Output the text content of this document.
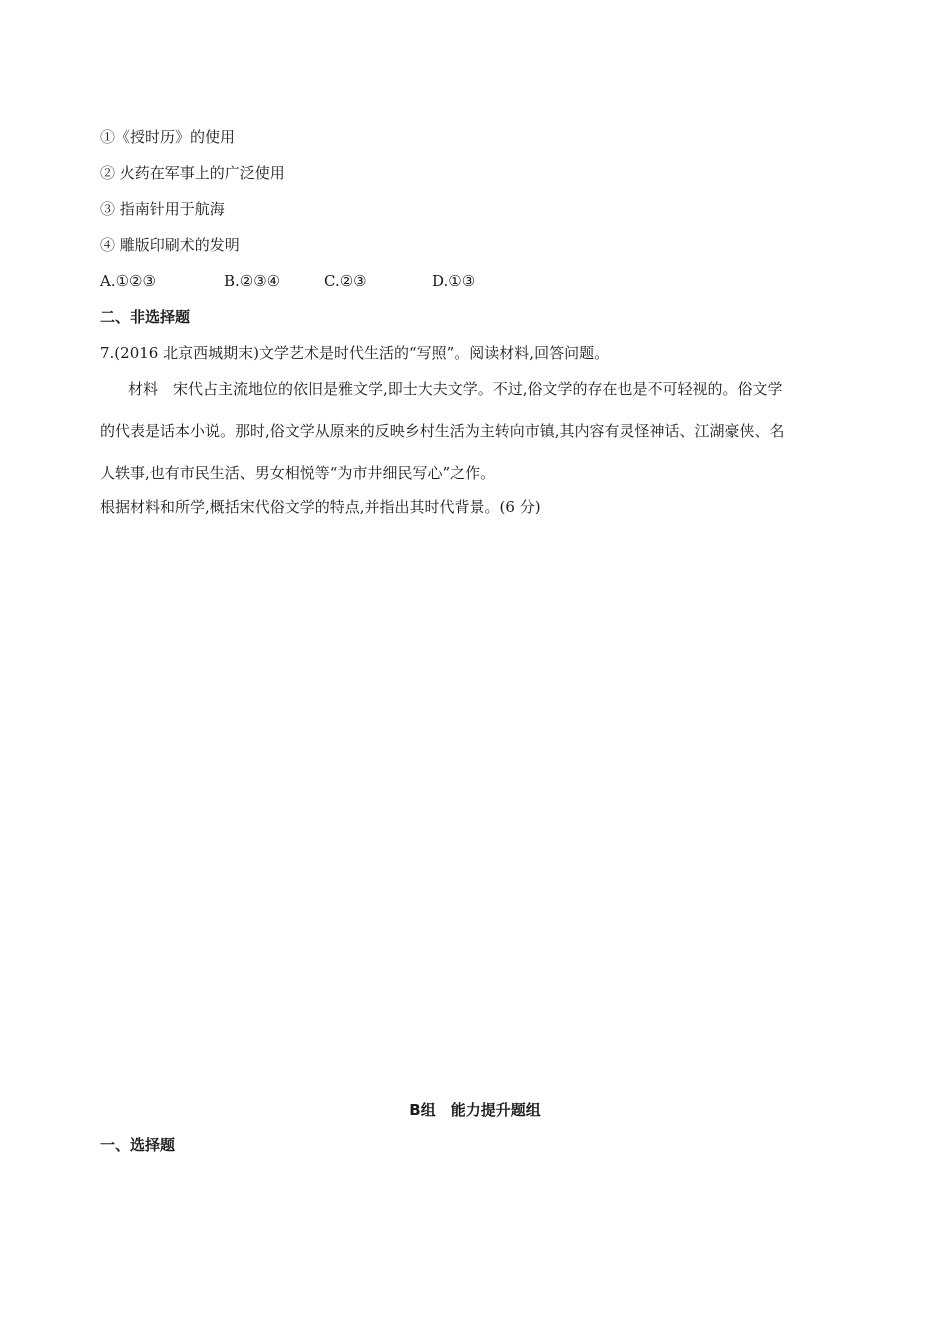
①《授时历》的使用
② 火药在军事上的广泛使用
③ 指南针用于航海
④ 雕版印刷术的发明
A.①②③	B.②③④	C.②③	D.①③
二、非选择题
7.(2016 北京西城期末)文学艺术是时代生活的“写照”。阅读材料,回答问题。
材料　宋代占主流地位的依旧是雅文学,即士大夫文学。不过,俗文学的存在也是不可轻视的。俗文学
的代表是话本小说。那时,俗文学从原来的反映乡村生活为主转向市镇,其内容有灵怪神话、江湖豪侠、名
人轶事,也有市民生活、男女相悦等“为市井细民写心”之作。
根据材料和所学,概括宋代俗文学的特点,并指出其时代背景。(6 分)
B组　能力提升题组
一、选择题
